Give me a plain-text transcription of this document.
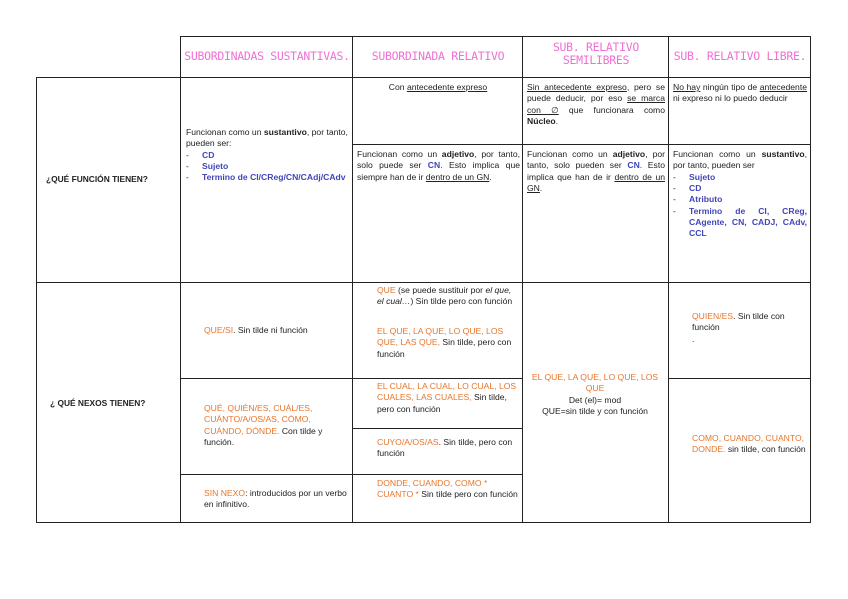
SUBORDINADAS SUSTANTIVAS.	SUBORDINADA RELATIVO
SUB. RELATIVO SEMILIBRES	SUB. RELATIVO LIBRE.
¿QUÉ FUNCIÓN TIENEN?
¿ QUÉ NEXOS TIENEN?
Funcionan como un sustantivo, por tanto, pueden ser:
- CD
- Sujeto
- Termino de CI/CReg/CN/CAdj/CAdv
Con antecedente expreso
Funcionan como un adjetivo, por tanto, solo puede ser CN. Esto implica que siempre han de ir dentro de un GN.
Sin antecedente expreso, pero se puede deducir, por eso se marca con ∅ que funcionara como Núcleo.
Funcionan como un adjetivo, por tanto, solo pueden ser CN. Esto implica que han de ir dentro de un GN.
No hay ningún tipo de antecedente ni expreso ni lo puedo deducir
Funcionan como un sustantivo, por tanto, pueden ser
- Sujeto
- CD
- Atributo
- Termino de CI, CReg, CAgente, CN, CADJ, CAdv, CCL
QUE/SI. Sin tilde ni función
QUÉ, QUIÉN/ES, CUÁL/ES, CUÁNTO/A/OS/AS, CÓMO, CUÁNDO, DÓNDE. Con tilde y función.
SIN NEXO: introducidos por un verbo en infinitivo.
QUE (se puede sustituir por el que, el cual…) Sin tilde pero con función
EL QUE, LA QUE, LO QUE, LOS QUE, LAS QUE, Sin tilde, pero con función
EL CUAL, LA CUAL, LO CUAL, LOS CUALES, LAS CUALES, Sin tilde, pero con función
CUYO/A/OS/AS. Sin tilde, pero con función
DONDE, CUANDO, COMO * CUANTO * Sin tilde pero con función
EL QUE, LA QUE, LO QUE, LOS QUE
Det (el)= mod
QUE=sin tilde y con función
QUIEN/ES. Sin tilde con función
.
COMO, CUANDO, CUANTO, DONDE. sin tilde, con función
